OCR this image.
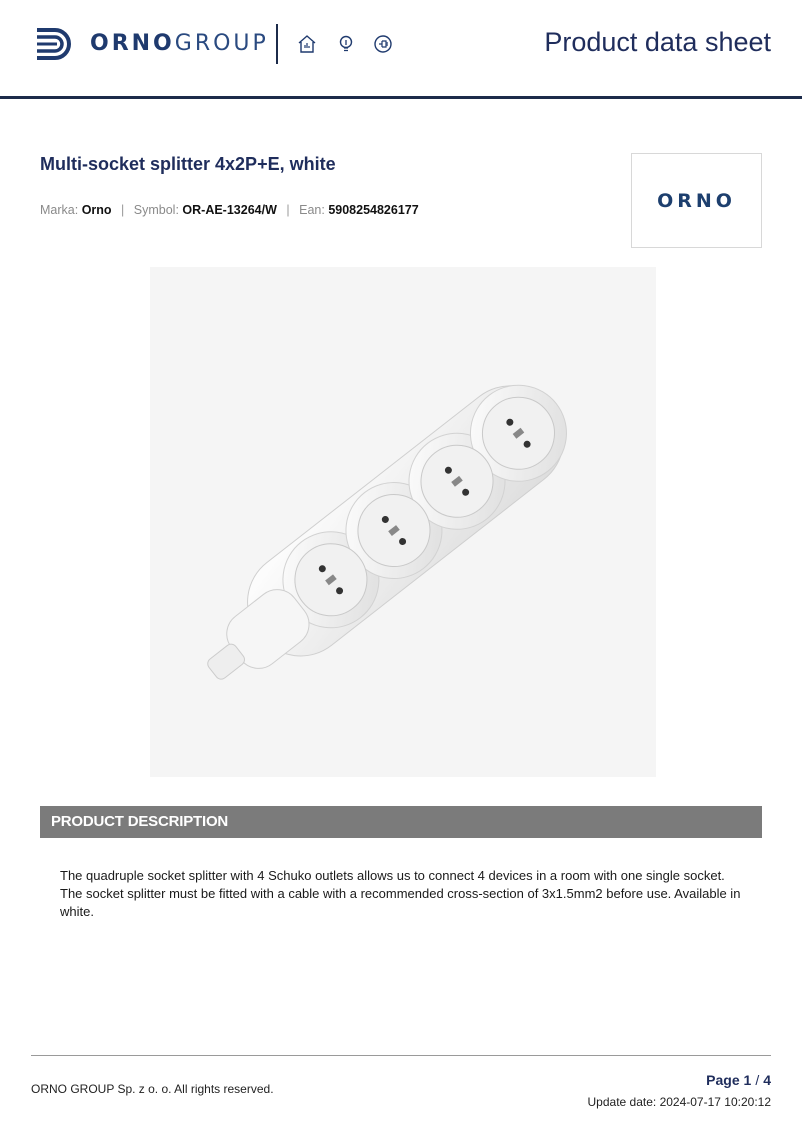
ORNOGROUP	Product data sheet
Multi-socket splitter 4x2P+E, white
Marka: Orno | Symbol: OR-AE-13264/W | Ean: 5908254826177	ORNO
PRODUCT DESCRIPTION
The quadruple socket splitter with 4 Schuko outlets allows us to connect 4 devices in a room with one single socket. The socket splitter must be fitted with a cable with a recommended cross-section of 3x1.5mm2 before use. Available in white.
ORNO GROUP Sp. z o. o. All rights reserved.
Page 1 / 4
Update date: 2024-07-17 10:20:12
